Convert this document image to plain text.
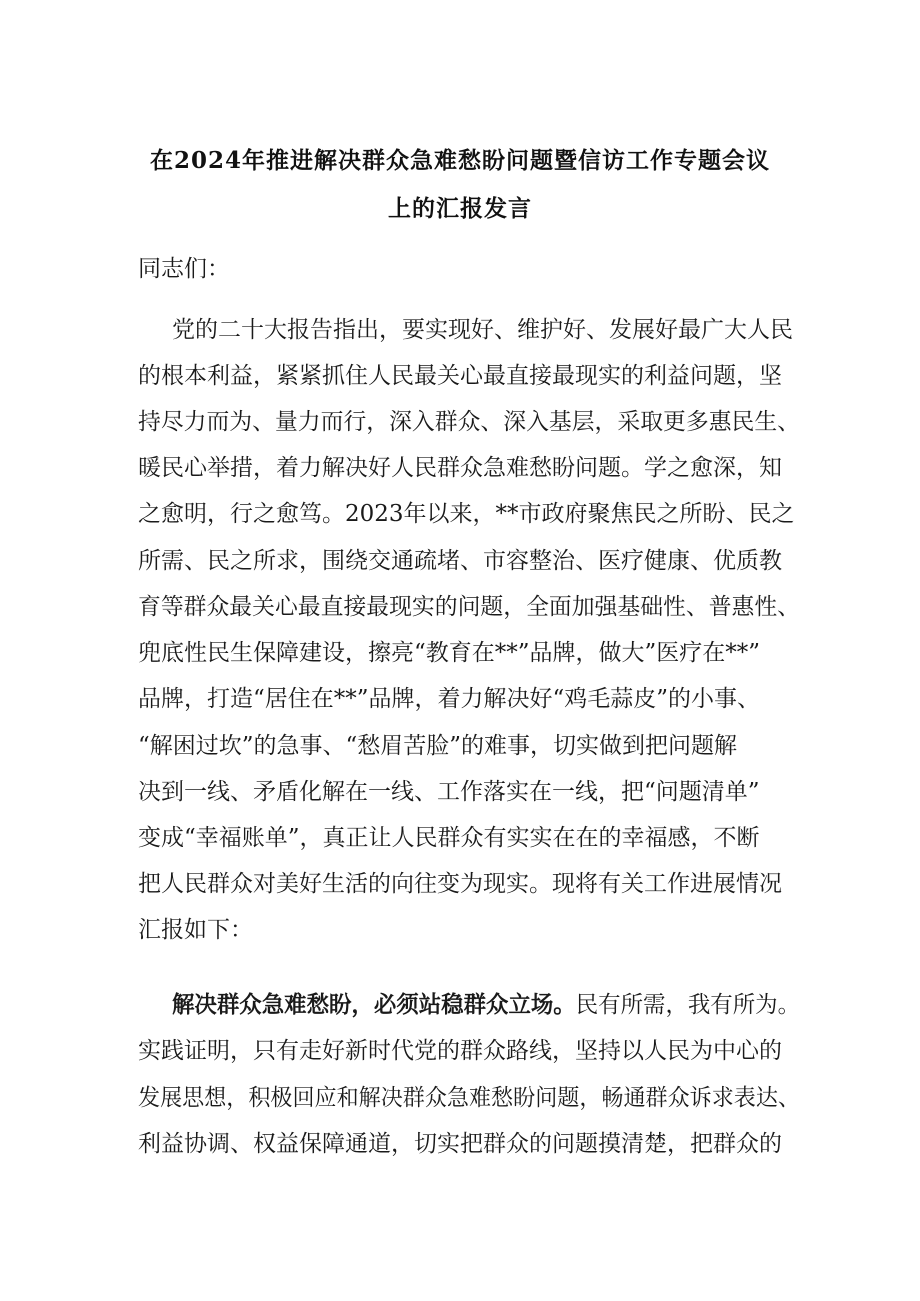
在2024年推进解决群众急难愁盼问题暨信访工作专题会议
上的汇报发言
同志们：
党的二十大报告指出，要实现好、维护好、发展好最广大人民
的根本利益，紧紧抓住人民最关心最直接最现实的利益问题，坚
持尽力而为、量力而行，深入群众、深入基层，采取更多惠民生、
暖民心举措，着力解决好人民群众急难愁盼问题。学之愈深，知
之愈明，行之愈笃。2023年以来，**市政府聚焦民之所盼、民之
所需、民之所求，围绕交通疏堵、市容整治、医疗健康、优质教
育等群众最关心最直接最现实的问题，全面加强基础性、普惠性、
兜底性民生保障建设，擦亮“教育在**”品牌，做大”医疗在**”
品牌，打造“居住在**”品牌，着力解决好“鸡毛蒜皮”的小事、
“解困过坎”的急事、“愁眉苦脸”的难事，切实做到把问题解
决到一线、矛盾化解在一线、工作落实在一线，把“问题清单”
变成“幸福账单”，真正让人民群众有实实在在的幸福感，不断
把人民群众对美好生活的向往变为现实。现将有关工作进展情况
汇报如下：
解决群众急难愁盼，必须站稳群众立场。民有所需，我有所为。
实践证明，只有走好新时代党的群众路线，坚持以人民为中心的
发展思想，积极回应和解决群众急难愁盼问题，畅通群众诉求表达、
利益协调、权益保障通道，切实把群众的问题摸清楚，把群众的
